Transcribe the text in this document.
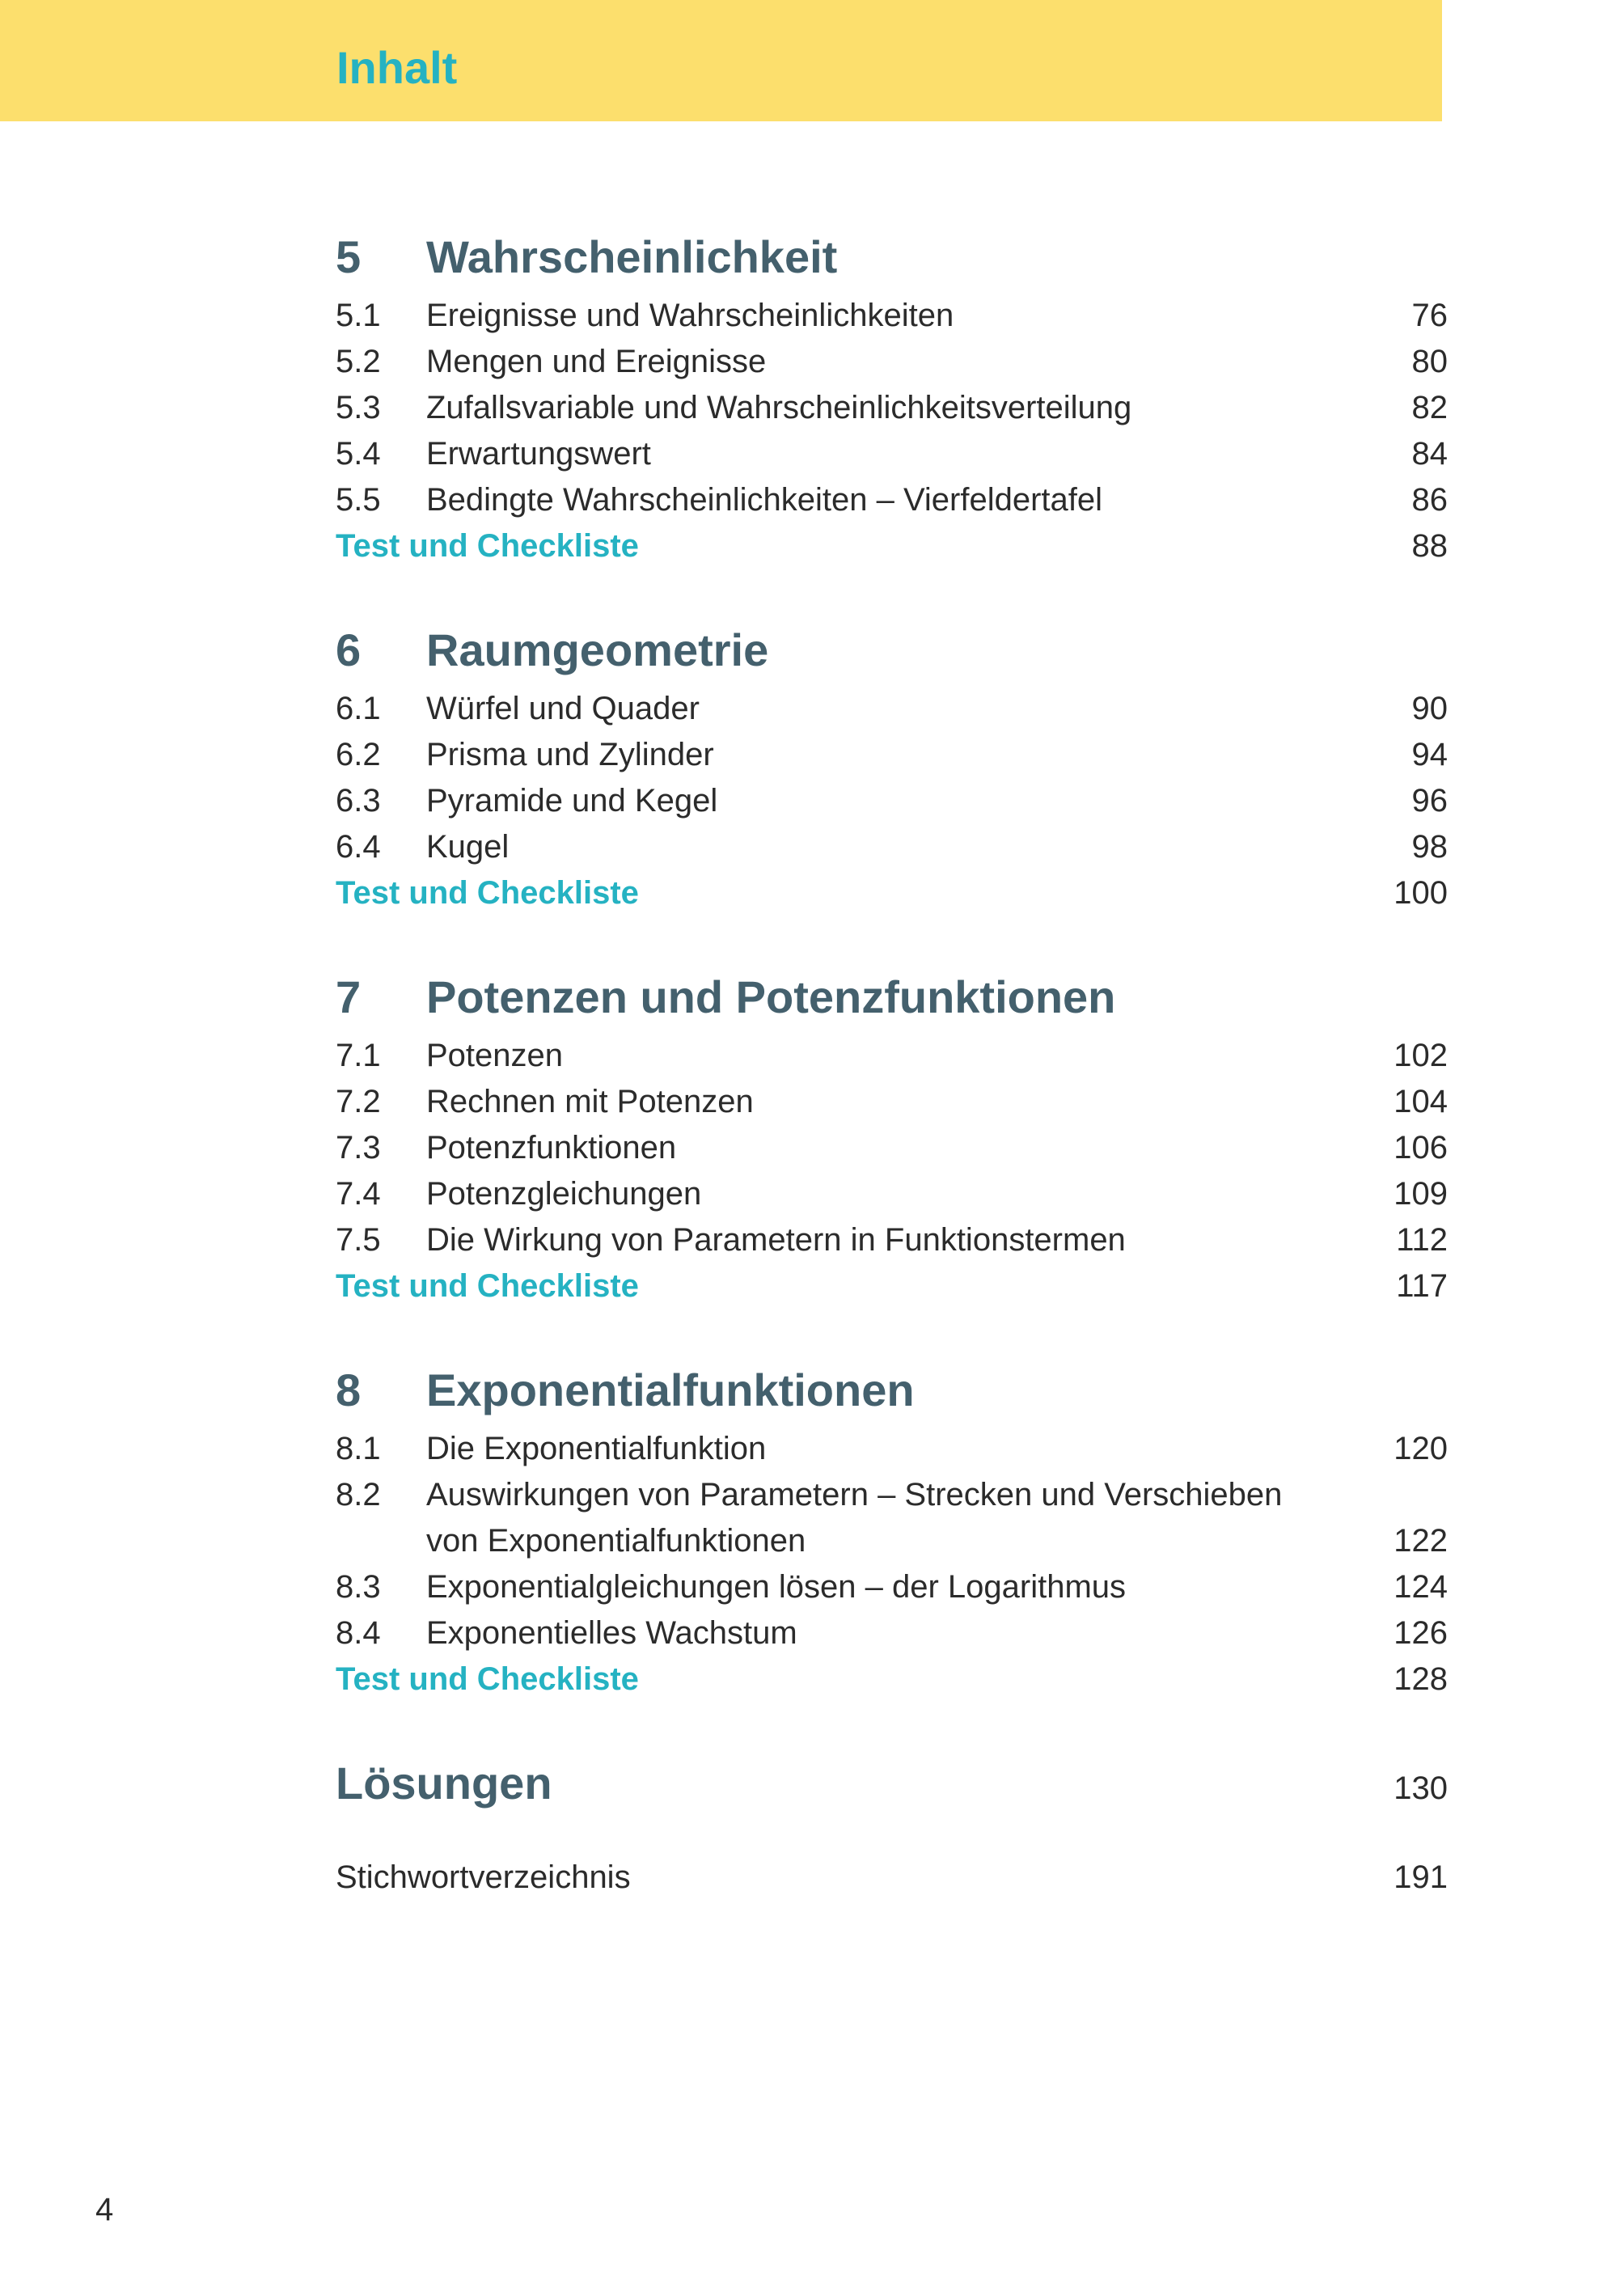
Inhalt
5	Wahrscheinlichkeit
5.1	Ereignisse und Wahrscheinlichkeiten	76
5.2	Mengen und Ereignisse	80
5.3	Zufallsvariable und Wahrscheinlichkeitsverteilung	82
5.4	Erwartungswert	84
5.5	Bedingte Wahrscheinlichkeiten – Vierfeldertafel	86
Test und Checkliste	88
6	Raumgeometrie
6.1	Würfel und Quader	90
6.2	Prisma und Zylinder	94
6.3	Pyramide und Kegel	96
6.4	Kugel	98
Test und Checkliste	100
7	Potenzen und Potenzfunktionen
7.1	Potenzen	102
7.2	Rechnen mit Potenzen	104
7.3	Potenzfunktionen	106
7.4	Potenzgleichungen	109
7.5	Die Wirkung von Parametern in Funktionstermen	112
Test und Checkliste	117
8	Exponentialfunktionen
8.1	Die Exponentialfunktion	120
8.2	Auswirkungen von Parametern – Strecken und Verschieben
von Exponentialfunktionen	122
8.3	Exponentialgleichungen lösen – der Logarithmus	124
8.4	Exponentielles Wachstum	126
Test und Checkliste	128
Lösungen	130
Stichwortverzeichnis	191
4
